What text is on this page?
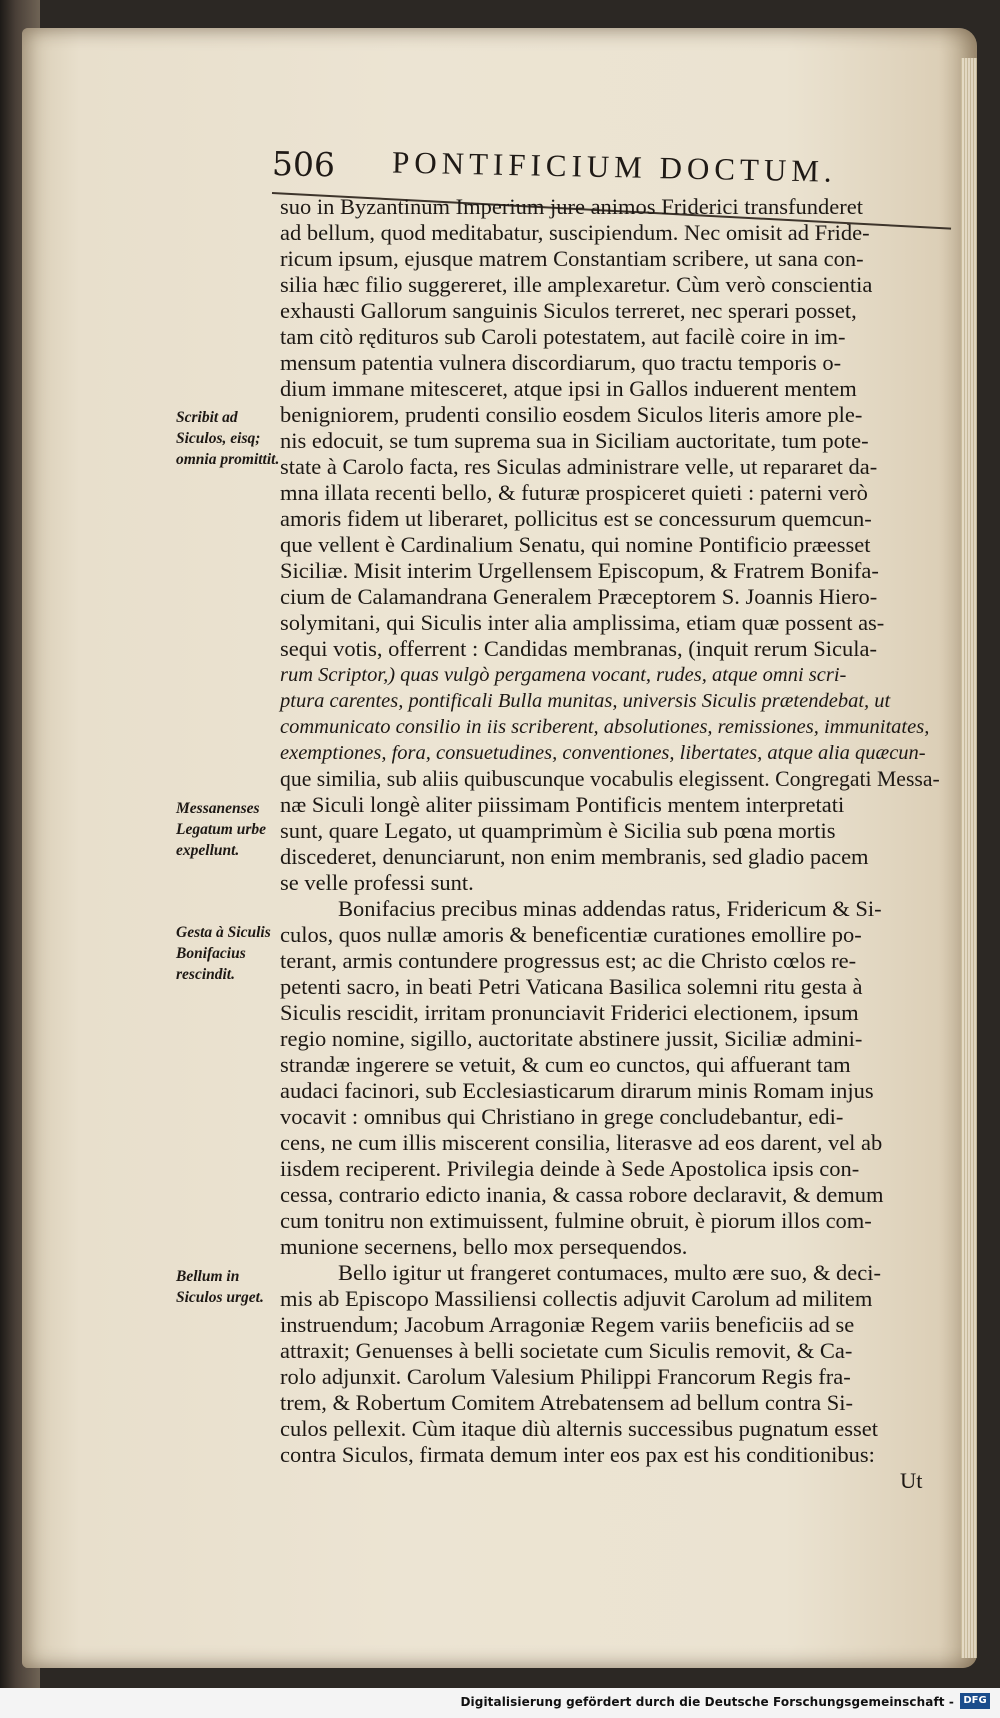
506 PONTIFICIUM DOCTUM.
Scribit ad Siculos, eisq; omnia promittit.
Messanenses Legatum urbe expellunt.
Gesta à Siculis Bonifacius rescindit.
Bellum in Siculos urget.
suo in Byzantinum Imperium jure animos Friderici transfunderet
ad bellum, quod meditabatur, suscipiendum. Nec omisit ad Fride-
ricum ipsum, ejusque matrem Constantiam scribere, ut sana con-
silia hæc filio suggereret, ille amplexaretur. Cùm verò conscientia
exhausti Gallorum sanguinis Siculos terreret, nec sperari posset,
tam citò rędituros sub Caroli potestatem, aut facilè coire in im-
mensum patentia vulnera discordiarum, quo tractu temporis o-
dium immane mitesceret, atque ipsi in Gallos induerent mentem
benigniorem, prudenti consilio eosdem Siculos literis amore ple-
nis edocuit, se tum suprema sua in Siciliam auctoritate, tum pote-
state à Carolo facta, res Siculas administrare velle, ut repararet da-
mna illata recenti bello, & futuræ prospiceret quieti : paterni verò
amoris fidem ut liberaret, pollicitus est se concessurum quemcun-
que vellent è Cardinalium Senatu, qui nomine Pontificio præesset
Siciliæ. Misit interim Urgellensem Episcopum, & Fratrem Bonifa-
cium de Calamandrana Generalem Præceptorem S. Joannis Hiero-
solymitani, qui Siculis inter alia amplissima, etiam quæ possent as-
sequi votis, offerrent : Candidas membranas, (inquit rerum Sicula-
rum Scriptor,) quas vulgò pergamena vocant, rudes, atque omni scri-
ptura carentes, pontificali Bulla munitas, universis Siculis prætendebat, ut
communicato consilio in iis scriberent, absolutiones, remissiones, immunitates,
exemptiones, fora, consuetudines, conventiones, libertates, atque alia quæcun-
que similia, sub aliis quibuscunque vocabulis elegissent. Congregati Messa-
næ Siculi longè aliter piissimam Pontificis mentem interpretati
sunt, quare Legato, ut quamprimùm è Sicilia sub pœna mortis
discederet, denunciarunt, non enim membranis, sed gladio pacem
se velle professi sunt.
Bonifacius precibus minas addendas ratus, Fridericum & Si-
culos, quos nullæ amoris & beneficentiæ curationes emollire po-
terant, armis contundere progressus est; ac die Christo cœlos re-
petenti sacro, in beati Petri Vaticana Basilica solemni ritu gesta à
Siculis rescidit, irritam pronunciavit Friderici electionem, ipsum
regio nomine, sigillo, auctoritate abstinere jussit, Siciliæ admini-
strandæ ingerere se vetuit, & cum eo cunctos, qui affuerant tam
audaci facinori, sub Ecclesiasticarum dirarum minis Romam injus
vocavit : omnibus qui Christiano in grege concludebantur, edi-
cens, ne cum illis miscerent consilia, literasve ad eos darent, vel ab
iisdem reciperent. Privilegia deinde à Sede Apostolica ipsis con-
cessa, contrario edicto inania, & cassa robore declaravit, & demum
cum tonitru non extimuissent, fulmine obruit, è piorum illos com-
munione secernens, bello mox persequendos.
Bello igitur ut frangeret contumaces, multo ære suo, & deci-
mis ab Episcopo Massiliensi collectis adjuvit Carolum ad militem
instruendum; Jacobum Arragoniæ Regem variis beneficiis ad se
attraxit; Genuenses à belli societate cum Siculis removit, & Ca-
rolo adjunxit. Carolum Valesium Philippi Francorum Regis fra-
trem, & Robertum Comitem Atrebatensem ad bellum contra Si-
culos pellexit. Cùm itaque diù alternis successibus pugnatum esset
contra Siculos, firmata demum inter eos pax est his conditionibus:
Ut
Digitalisierung gefördert durch die Deutsche Forschungsgemeinschaft - DFG
